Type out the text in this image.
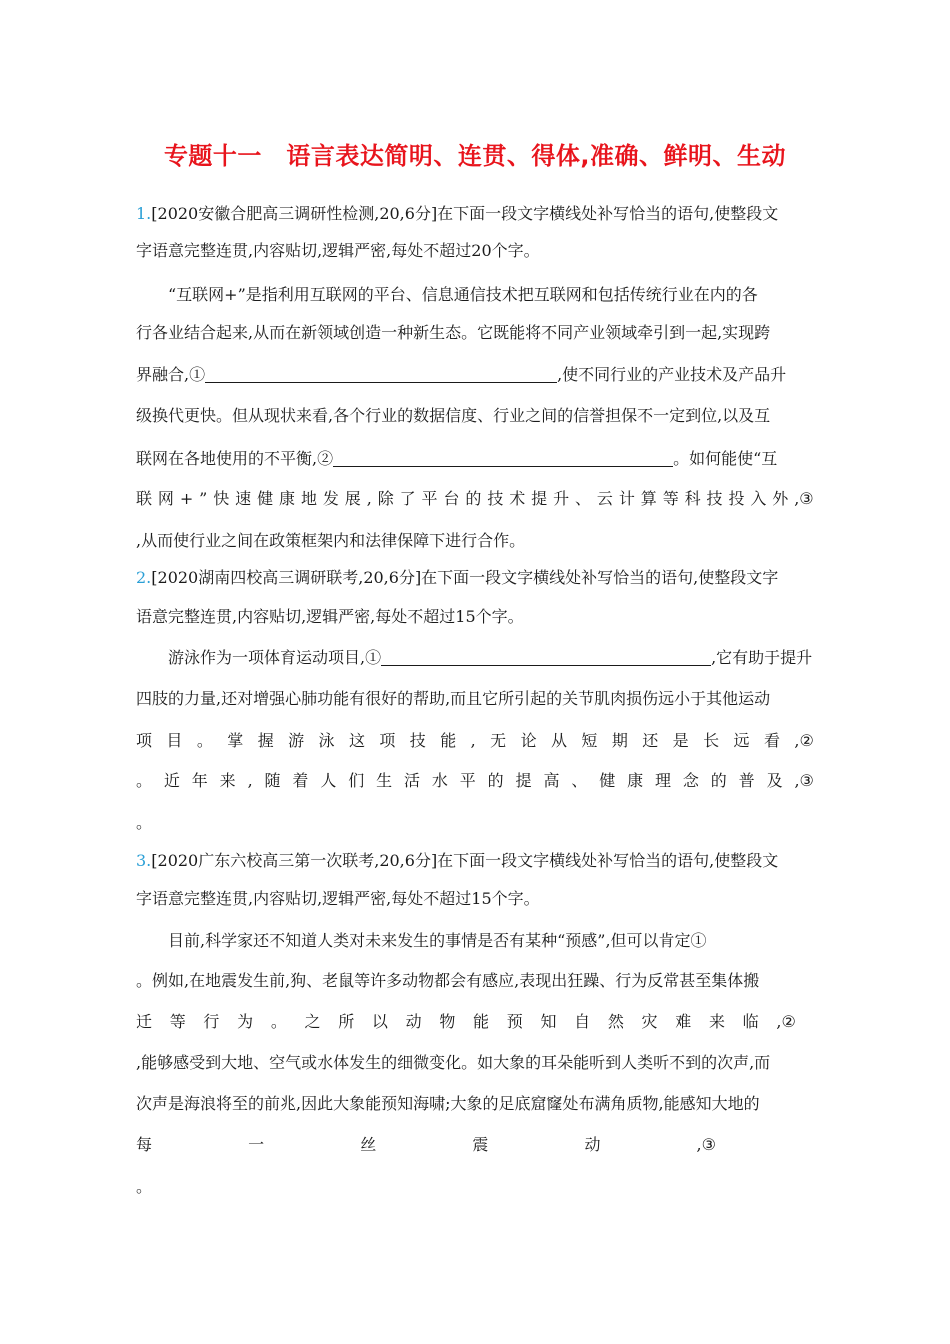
专题十一　语言表达简明、连贯、得体,准确、鲜明、生动
1.[2020安徽合肥高三调研性检测,20,6分]在下面一段文字横线处补写恰当的语句,使整段文
字语意完整连贯,内容贴切,逻辑严密,每处不超过20个字。
“互联网+”是指利用互联网的平台、信息通信技术把互联网和包括传统行业在内的各
行各业结合起来,从而在新领域创造一种新生态。它既能将不同产业领域牵引到一起,实现跨
界融合,①	,使不同行业的产业技术及产品升
级换代更快。但从现状来看,各个行业的数据信度、行业之间的信誉担保不一定到位,以及互
联网在各地使用的不平衡,②	。如何能使“互
联 网 + ” 快 速 健 康 地 发 展 , 除 了 平 台 的 技 术 提 升 、 云 计 算 等 科 技 投 入 外 ,③
,从而使行业之间在政策框架内和法律保障下进行合作。
2.[2020湖南四校高三调研联考,20,6分]在下面一段文字横线处补写恰当的语句,使整段文字
语意完整连贯,内容贴切,逻辑严密,每处不超过15个字。
游泳作为一项体育运动项目,①	,它有助于提升
四肢的力量,还对增强心肺功能有很好的帮助,而且它所引起的关节肌肉损伤远小于其他运动
项 目 。 掌 握 游 泳 这 项 技 能 , 无 论 从 短 期 还 是 长 远 看 ,②
。 近 年 来 , 随 着 人 们 生 活 水 平 的 提 高 、 健 康 理 念 的 普 及 ,③
。
3.[2020广东六校高三第一次联考,20,6分]在下面一段文字横线处补写恰当的语句,使整段文
字语意完整连贯,内容贴切,逻辑严密,每处不超过15个字。
目前,科学家还不知道人类对未来发生的事情是否有某种“预感”,但可以肯定①
。例如,在地震发生前,狗、老鼠等许多动物都会有感应,表现出狂躁、行为反常甚至集体搬
迁 等 行 为 。 之 所 以 动 物 能 预 知 自 然 灾 难 来 临 ,②
,能够感受到大地、空气或水体发生的细微变化。如大象的耳朵能听到人类听不到的次声,而
次声是海浪将至的前兆,因此大象能预知海啸;大象的足底窟窿处布满角质物,能感知大地的
每	一	丝	震	动	,③
。
